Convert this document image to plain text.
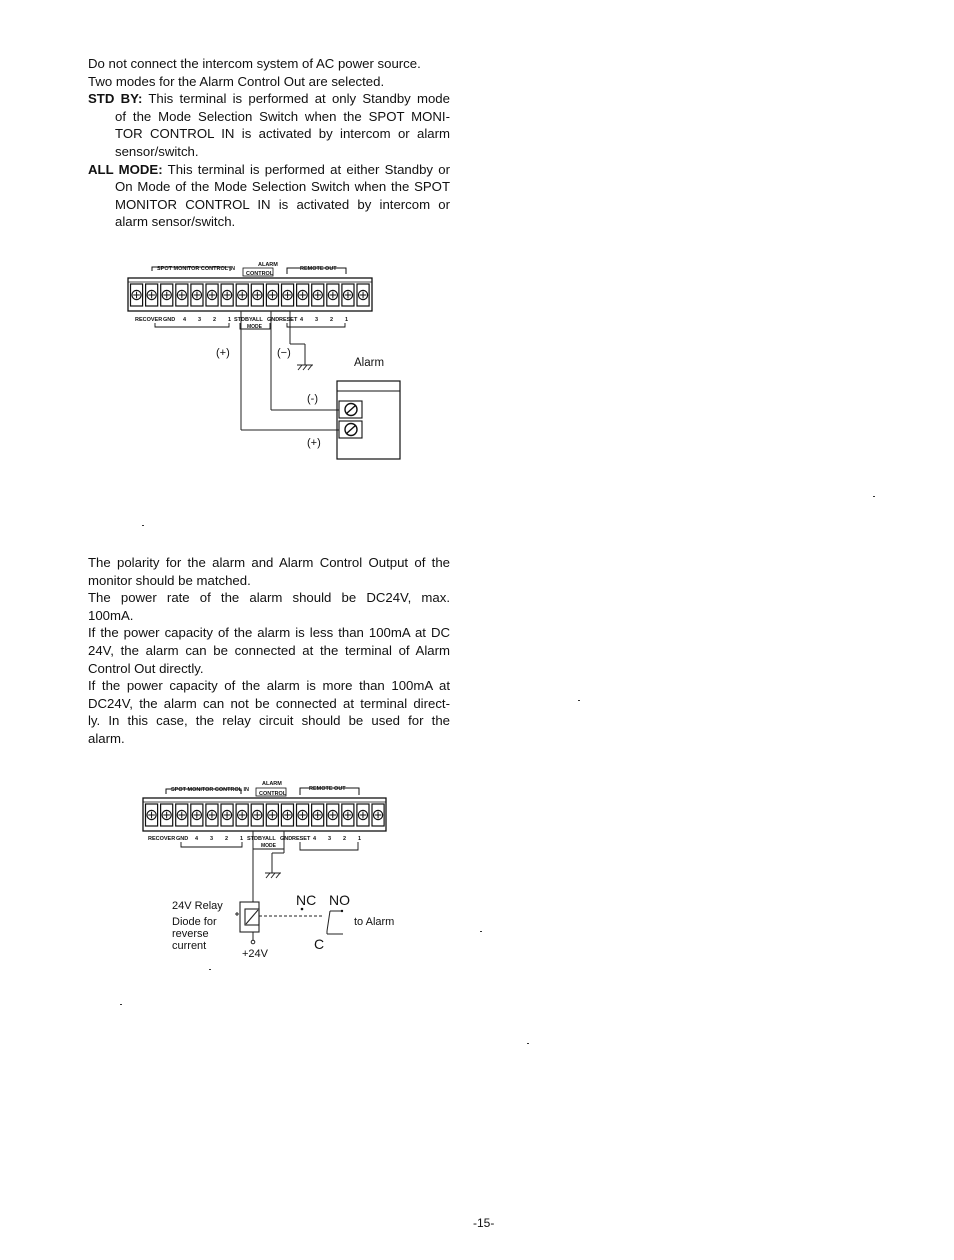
Do not connect the intercom system of AC power source.
Two modes for the Alarm Control Out are selected.
STD BY: This terminal is performed at only Standby mode
of the Mode Selection Switch when the SPOT MONI-
TOR CONTROL IN is activated by intercom or alarm
sensor/switch.
ALL MODE: This terminal is performed at either Standby or
On Mode of the Mode Selection Switch when the SPOT
MONITOR CONTROL IN is activated by intercom or
alarm sensor/switch.
SPOT MONITOR CONTROL IN
ALARM
CONTROL
REMOTE OUT
RECOVER GND 4 3 2 1 STDBY ALL GND RESET 4 3 2 1
MODE
(+)	(−)
Alarm
(-)
(+)
SPOT MONITOR CONTROL IN
ALARM
CONTROL
REMOTE OUT
RECOVER GND 4 3 2 1 STDBY ALL GND RESET 4 3 2 1
MODE
24V Relay
Diode for
reverse
current
NC NO
C
to Alarm
+24V
The polarity for the alarm and Alarm Control Output of the
monitor should be matched.
The power rate of the alarm should be DC24V, max.
100mA.
If the power capacity of the alarm is less than 100mA at DC
24V, the alarm can be connected at the terminal of Alarm
Control Out directly.
If the power capacity of the alarm is more than 100mA at
DC24V, the alarm can not be connected at terminal direct-
ly. In this case, the relay circuit should be used for the
alarm.
-15-
